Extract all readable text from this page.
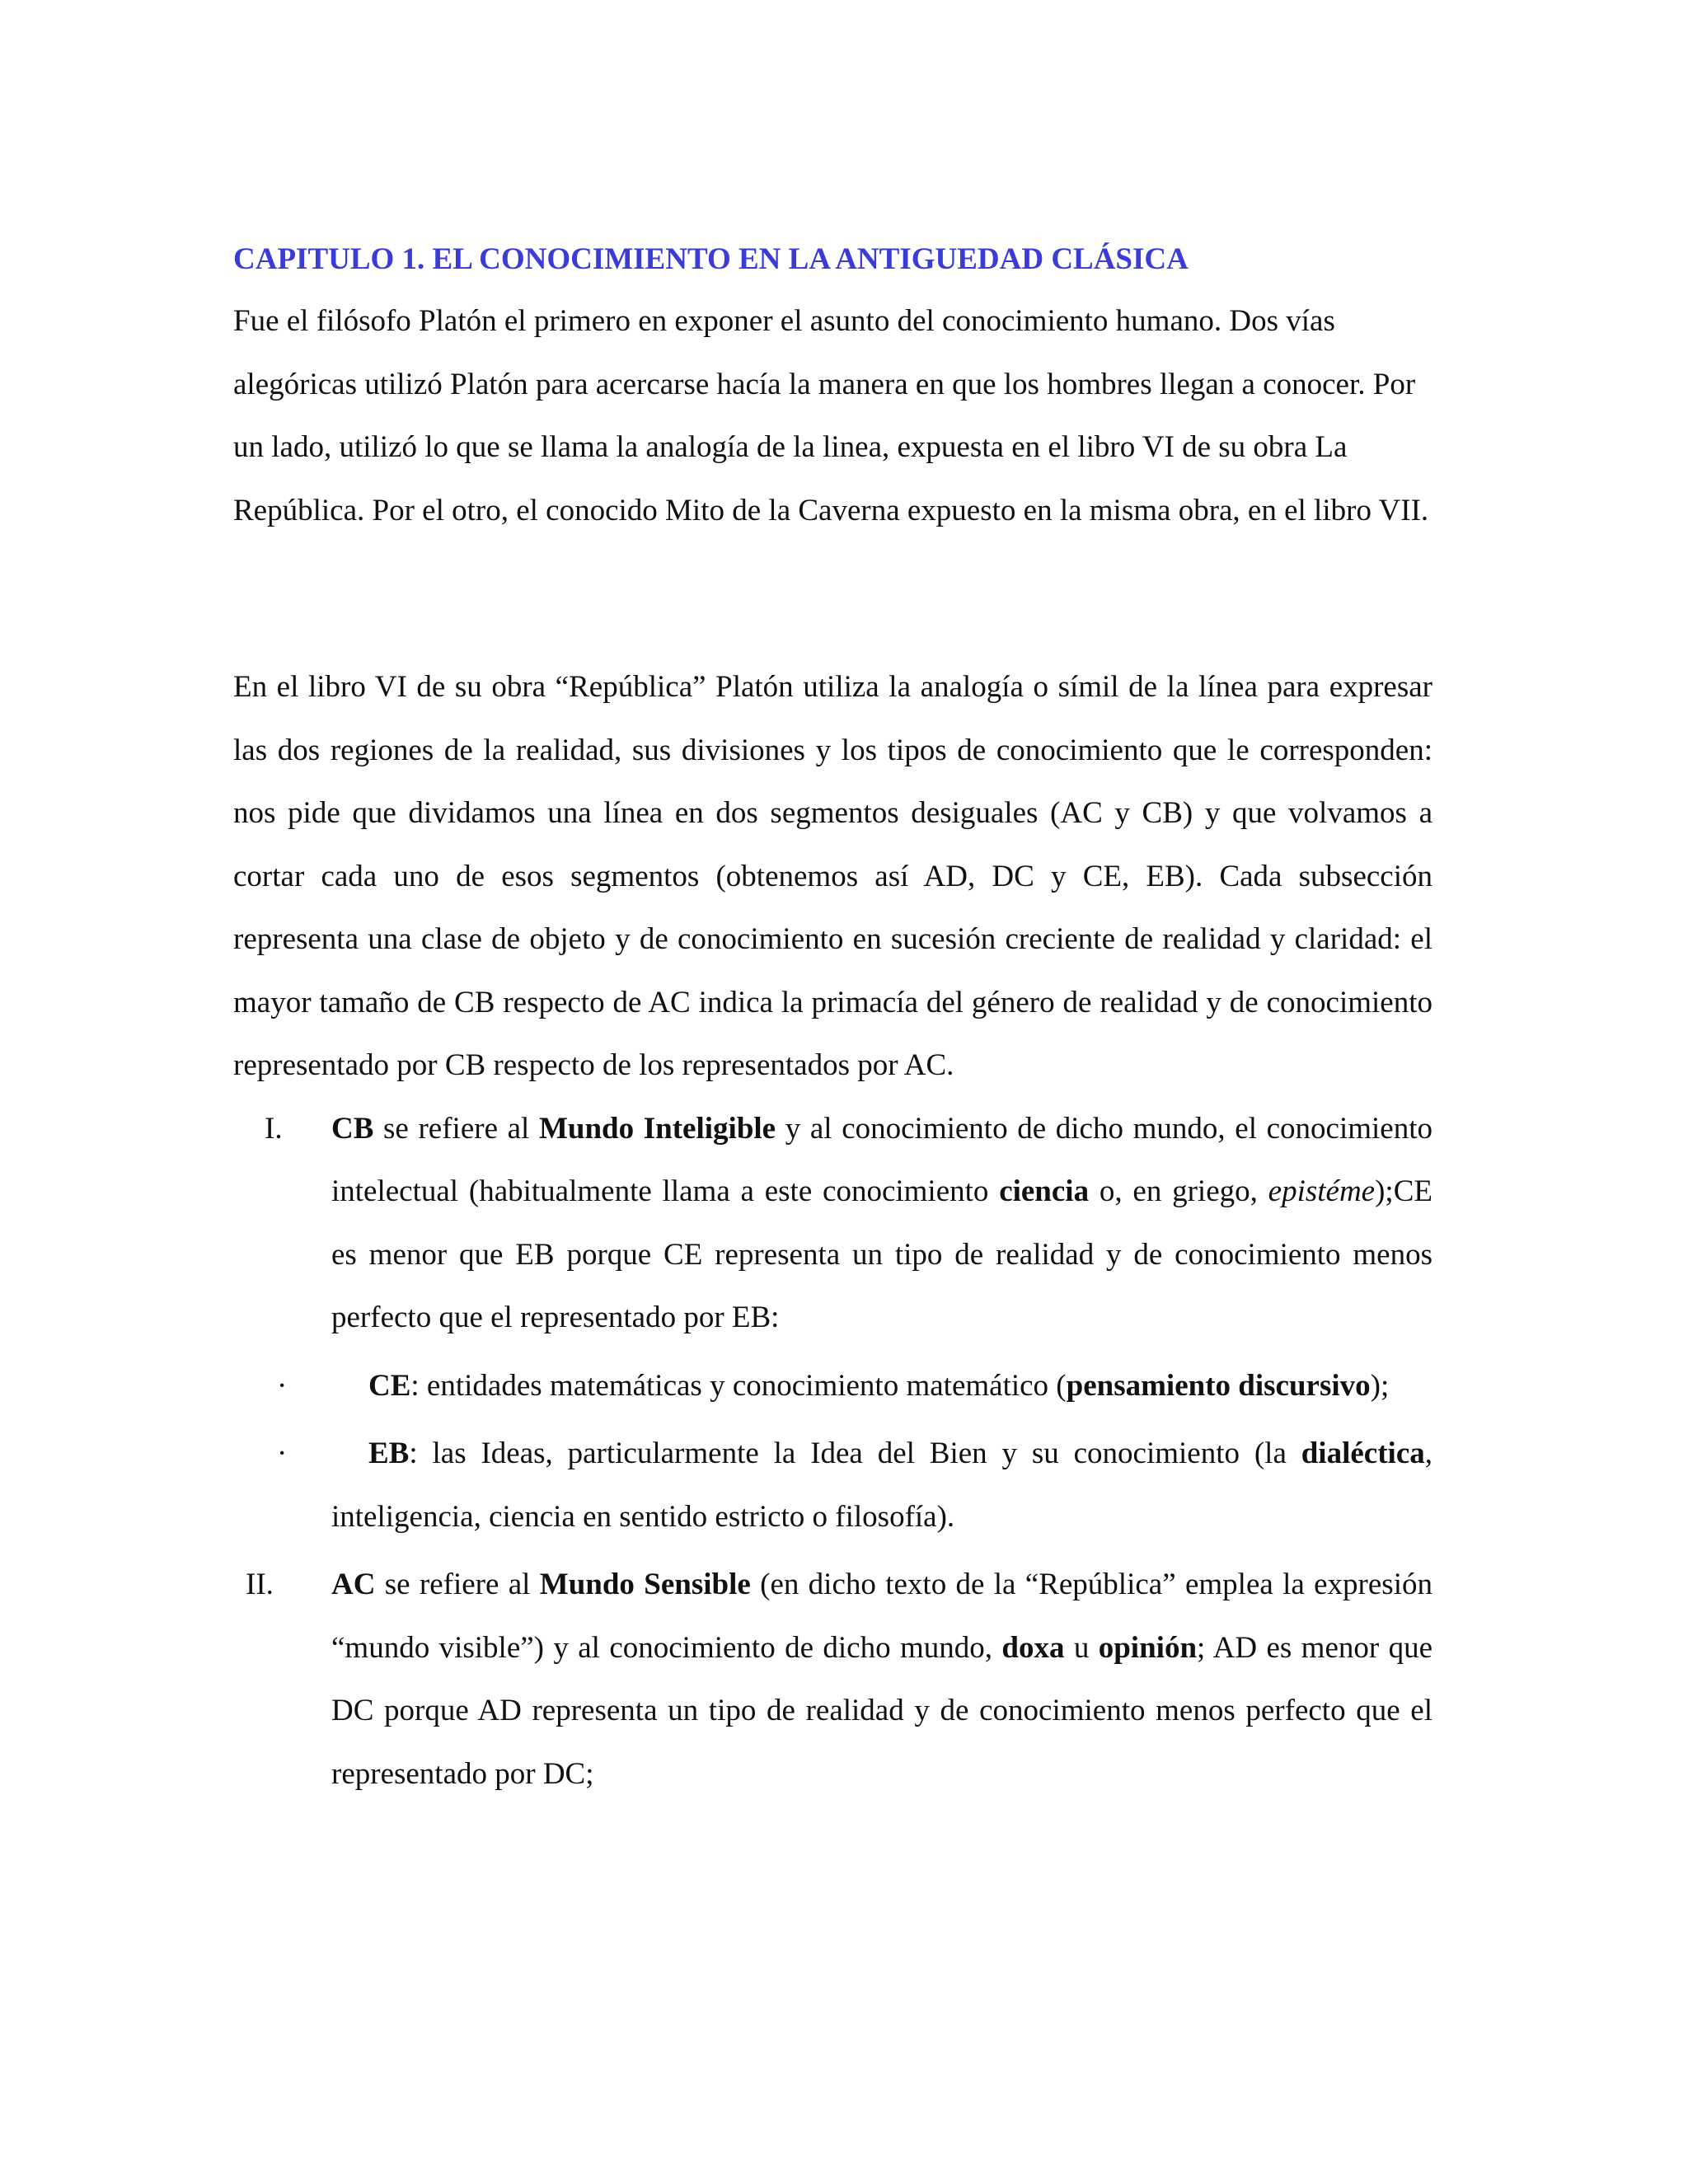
CAPITULO 1. EL CONOCIMIENTO EN LA ANTIGUEDAD CLÁSICA

Fue el filósofo Platón el primero en exponer el asunto del conocimiento humano. Dos vías alegóricas utilizó Platón para acercarse hacía la manera en que los hombres llegan a conocer. Por un lado, utilizó lo que se llama la analogía de la linea, expuesta en el libro VI de su obra La República. Por el otro, el conocido Mito de la Caverna expuesto en la misma obra, en el libro VII.

En el libro VI de su obra “República” Platón utiliza la analogía o símil de la línea para expresar las dos regiones de la realidad, sus divisiones y los tipos de conocimiento que le corresponden: nos pide que dividamos una línea en dos segmentos desiguales (AC y CB) y que volvamos a cortar cada uno de esos segmentos (obtenemos así AD, DC y CE, EB). Cada subsección representa una clase de objeto y de conocimiento en sucesión creciente de realidad y claridad: el mayor tamaño de CB respecto de AC indica la primacía del género de realidad y de conocimiento representado por CB respecto de los representados por AC.

I. CB se refiere al Mundo Inteligible y al conocimiento de dicho mundo, el conocimiento intelectual (habitualmente llama a este conocimiento ciencia o, en griego, epistéme);CE es menor que EB porque CE representa un tipo de realidad y de conocimiento menos perfecto que el representado por EB:
·	CE: entidades matemáticas y conocimiento matemático (pensamiento discursivo);
·	EB: las Ideas, particularmente la Idea del Bien y su conocimiento (la dialéctica, inteligencia, ciencia en sentido estricto o filosofía).
II. AC se refiere al Mundo Sensible (en dicho texto de la “República” emplea la expresión “mundo visible”) y al conocimiento de dicho mundo, doxa u opinión; AD es menor que DC porque AD representa un tipo de realidad y de conocimiento menos perfecto que el representado por DC;
